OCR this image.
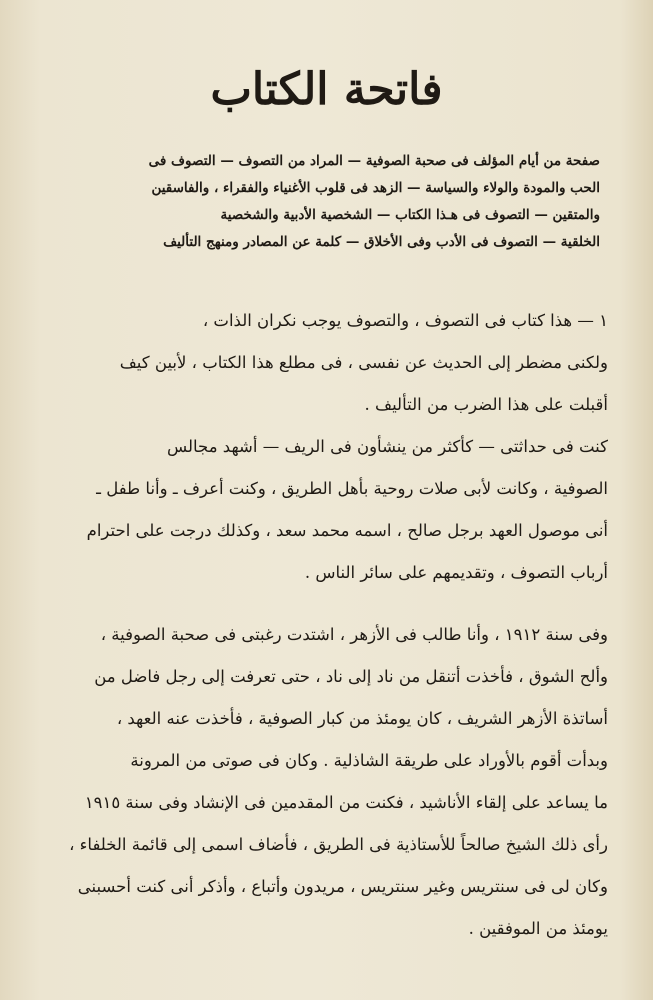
فاتحة الكتاب
صفحة من أيام المؤلف فى صحبة الصوفية — المراد من التصوف — التصوف فى
الحب والمودة والولاء والسياسة — الزهد فى قلوب الأغنياء والفقراء ، والفاسقين
والمتقين — التصوف فى هـذا الكتاب — الشخصية الأدبية والشخصية
الخلقية — التصوف فى الأدب وفى الأخلاق — كلمة عن المصادر ومنهج التأليف
١ — هذا كتاب فى التصوف ، والتصوف يوجب نكران الذات ،
ولكنى مضطر إلى الحديث عن نفسى ، فى مطلع هذا الكتاب ، لأبين كيف
أقبلت على هذا الضرب من التأليف .
كنت فى حداثتى — كأكثر من ينشأون فى الريف — أشهد مجالس
الصوفية ، وكانت لأبى صلات روحية بأهل الطريق ، وكنت أعرف ـ وأنا طفل ـ
أنى موصول العهد برجل صالح ، اسمه محمد سعد ، وكذلك درجت على احترام
أرباب التصوف ، وتقديمهم على سائر الناس .
وفى سنة ١٩١٢ ، وأنا طالب فى الأزهر ، اشتدت رغبتى فى صحبة الصوفية ،
وألح الشوق ، فأخذت أتنقل من ناد إلى ناد ، حتى تعرفت إلى رجل فاضل من
أساتذة الأزهر الشريف ، كان يومئذ من كبار الصوفية ، فأخذت عنه العهد ،
وبدأت أقوم بالأوراد على طريقة الشاذلية . وكان فى صوتى من المرونة
ما يساعد على إلقاء الأناشيد ، فكنت من المقدمين فى الإنشاد وفى سنة ١٩١٥
رأى ذلك الشيخ صالحاً للأستاذية فى الطريق ، فأضاف اسمى إلى قائمة الخلفاء ،
وكان لى فى سنتريس وغير سنتريس ، مريدون وأتباع ، وأذكر أنى كنت أحسبنى
يومئذ من الموفقين .
